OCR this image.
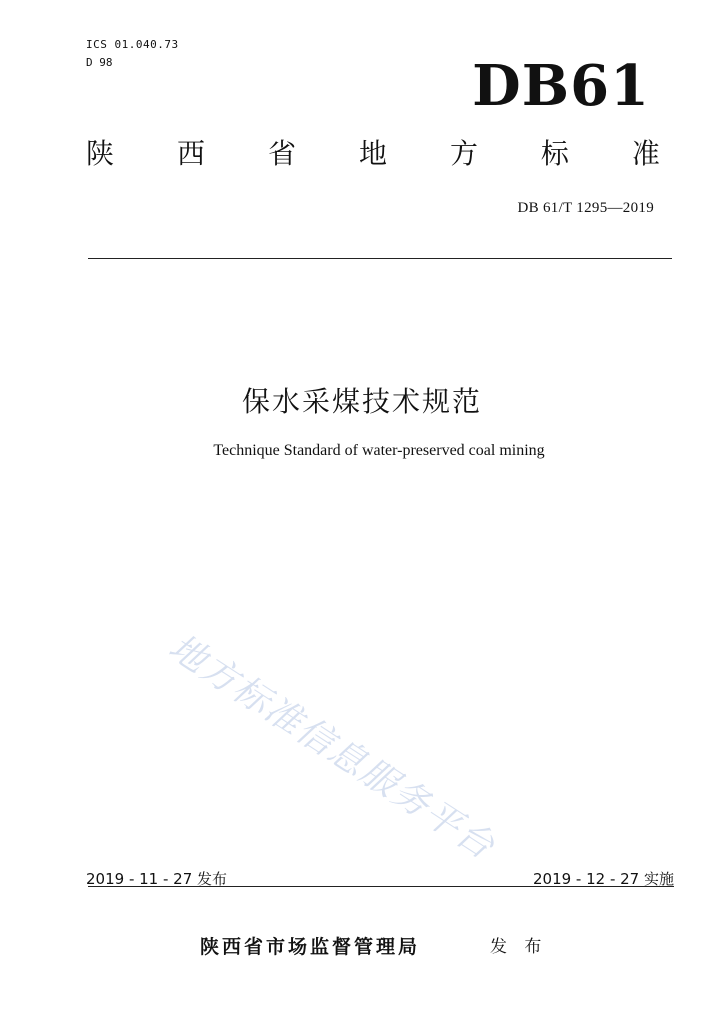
ICS 01.040.73
D 98	DB61
陕 西 省 地 方 标 准
DB 61/T 1295—2019
保水采煤技术规范
Technique Standard of water-preserved coal mining
地方标准信息服务平台
2019 - 11 - 27 发布	2019 - 12 - 27 实施
陕西省市场监督管理局	发 布
